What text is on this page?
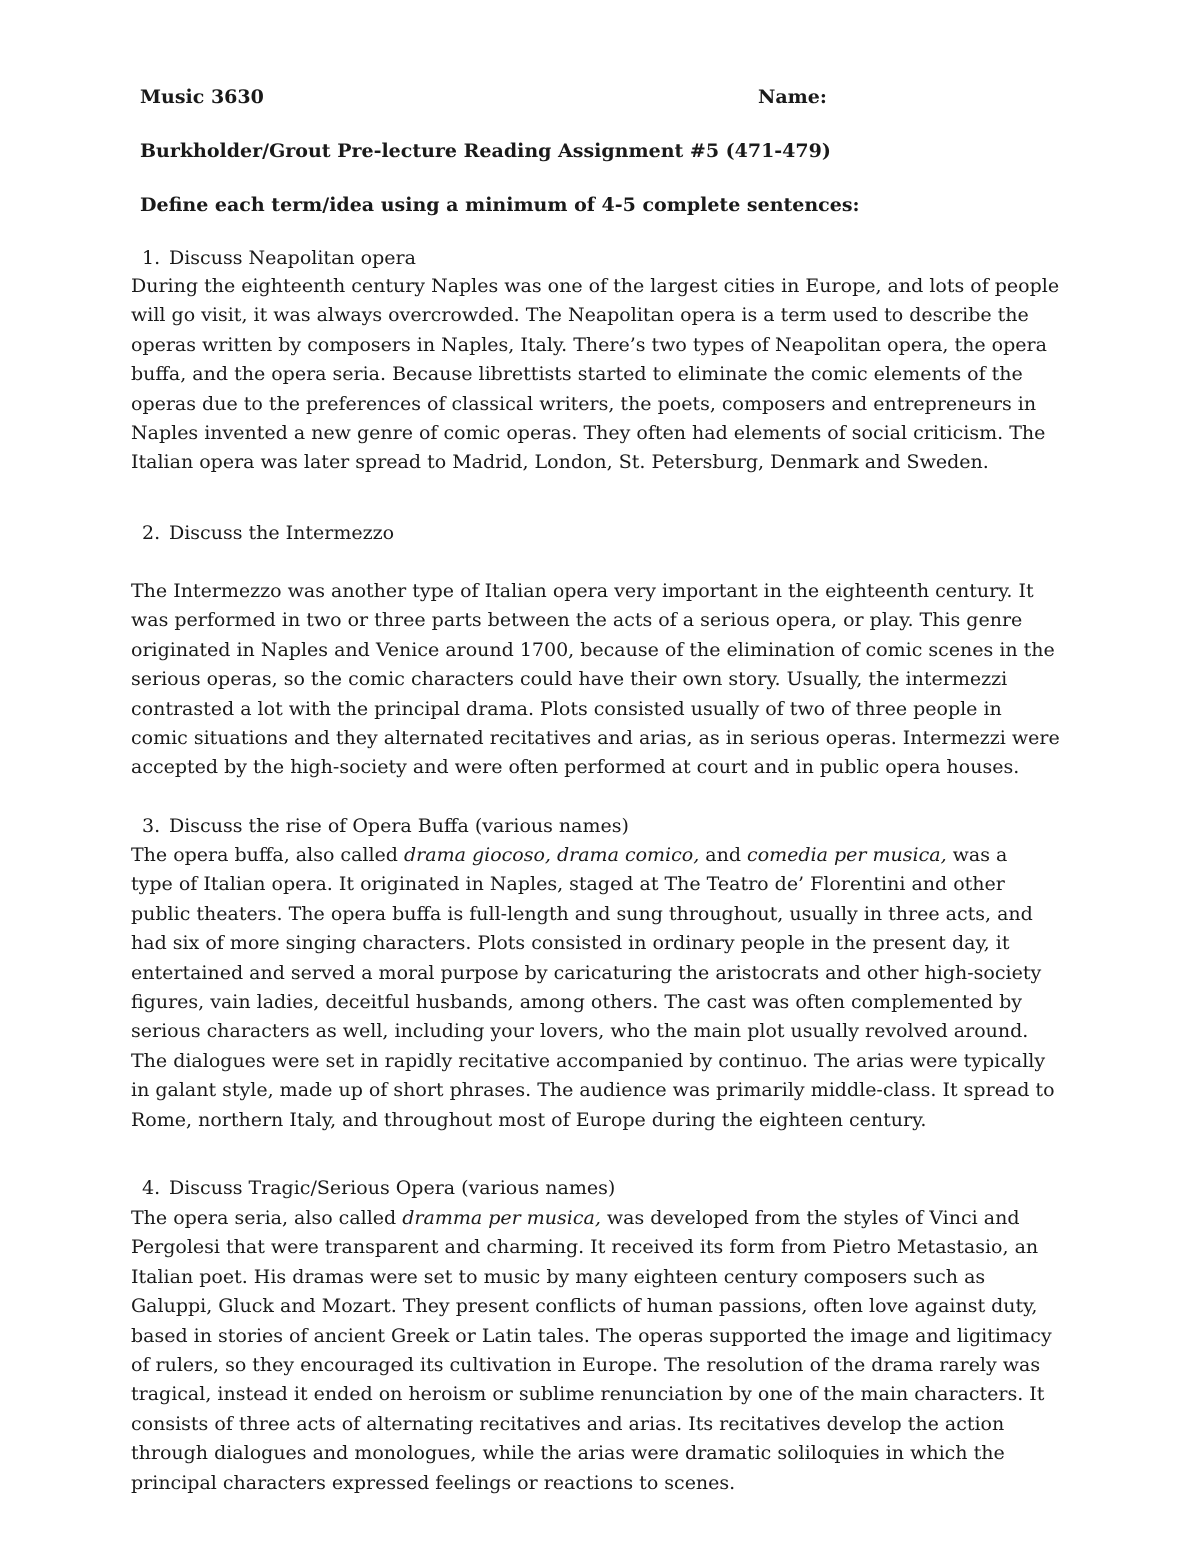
Music 3630	Name:
Burkholder/Grout Pre-lecture Reading Assignment #5 (471-479)
Define each term/idea using a minimum of 4-5 complete sentences:
1. Discuss Neapolitan opera
During the eighteenth century Naples was one of the largest cities in Europe, and lots of people
will go visit, it was always overcrowded. The Neapolitan opera is a term used to describe the
operas written by composers in Naples, Italy. There’s two types of Neapolitan opera, the opera
buffa, and the opera seria. Because librettists started to eliminate the comic elements of the
operas due to the preferences of classical writers, the poets, composers and entrepreneurs in
Naples invented a new genre of comic operas. They often had elements of social criticism. The
Italian opera was later spread to Madrid, London, St. Petersburg, Denmark and Sweden.
2. Discuss the Intermezzo
The Intermezzo was another type of Italian opera very important in the eighteenth century. It
was performed in two or three parts between the acts of a serious opera, or play. This genre
originated in Naples and Venice around 1700, because of the elimination of comic scenes in the
serious operas, so the comic characters could have their own story. Usually, the intermezzi
contrasted a lot with the principal drama. Plots consisted usually of two of three people in
comic situations and they alternated recitatives and arias, as in serious operas. Intermezzi were
accepted by the high-society and were often performed at court and in public opera houses.
3. Discuss the rise of Opera Buffa (various names)
The opera buffa, also called drama giocoso, drama comico, and comedia per musica, was a
type of Italian opera. It originated in Naples, staged at The Teatro de’ Florentini and other
public theaters. The opera buffa is full-length and sung throughout, usually in three acts, and
had six of more singing characters. Plots consisted in ordinary people in the present day, it
entertained and served a moral purpose by caricaturing the aristocrats and other high-society
figures, vain ladies, deceitful husbands, among others. The cast was often complemented by
serious characters as well, including your lovers, who the main plot usually revolved around.
The dialogues were set in rapidly recitative accompanied by continuo. The arias were typically
in galant style, made up of short phrases. The audience was primarily middle-class. It spread to
Rome, northern Italy, and throughout most of Europe during the eighteen century.
4. Discuss Tragic/Serious Opera (various names)
The opera seria, also called dramma per musica, was developed from the styles of Vinci and
Pergolesi that were transparent and charming. It received its form from Pietro Metastasio, an
Italian poet. His dramas were set to music by many eighteen century composers such as
Galuppi, Gluck and Mozart. They present conflicts of human passions, often love against duty,
based in stories of ancient Greek or Latin tales. The operas supported the image and ligitimacy
of rulers, so they encouraged its cultivation in Europe. The resolution of the drama rarely was
tragical, instead it ended on heroism or sublime renunciation by one of the main characters. It
consists of three acts of alternating recitatives and arias. Its recitatives develop the action
through dialogues and monologues, while the arias were dramatic soliloquies in which the
principal characters expressed feelings or reactions to scenes.
